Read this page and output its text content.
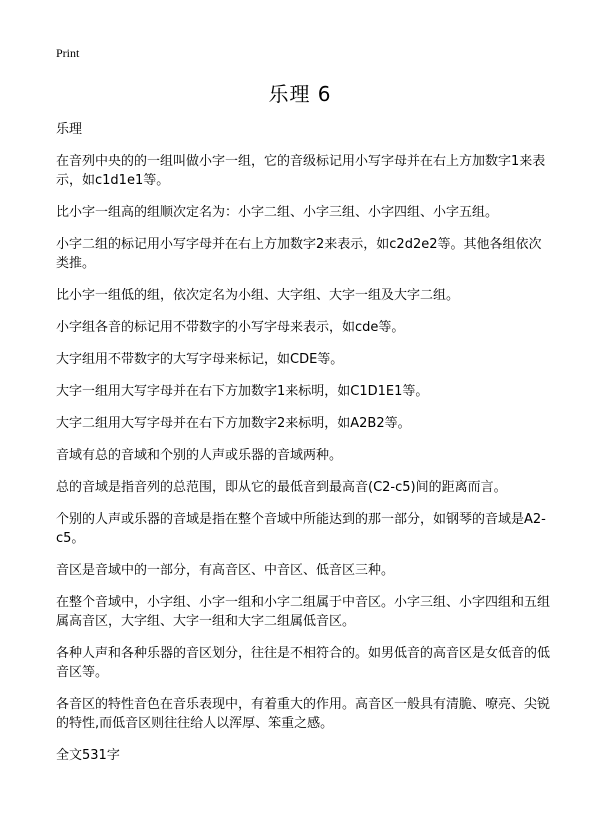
Print
乐理 6

乐理

在音列中央的的一组叫做小字一组，它的音级标记用小写字母并在右上方加数字1来表示，如c1d1e1等。

比小字一组高的组顺次定名为：小字二组、小字三组、小字四组、小字五组。

小字二组的标记用小写字母并在右上方加数字2来表示，如c2d2e2等。其他各组依次类推。

比小字一组低的组，依次定名为小组、大字组、大字一组及大字二组。

小字组各音的标记用不带数字的小写字母来表示，如cde等。

大字组用不带数字的大写字母来标记，如CDE等。

大字一组用大写字母并在右下方加数字1来标明，如C1D1E1等。

大字二组用大写字母并在右下方加数字2来标明，如A2B2等。

音域有总的音域和个别的人声或乐器的音域两种。

总的音域是指音列的总范围，即从它的最低音到最高音(C2-c5)间的距离而言。

个别的人声或乐器的音域是指在整个音域中所能达到的那一部分，如钢琴的音域是A2-c5。

音区是音域中的一部分，有高音区、中音区、低音区三种。

在整个音域中，小字组、小字一组和小字二组属于中音区。小字三组、小字四组和五组属高音区，大字组、大字一组和大字二组属低音区。

各种人声和各种乐器的音区划分，往往是不相符合的。如男低音的高音区是女低音的低音区等。

各音区的特性音色在音乐表现中，有着重大的作用。高音区一般具有清脆、嘹亮、尖锐的特性,而低音区则往往给人以浑厚、笨重之感。

全文531字
